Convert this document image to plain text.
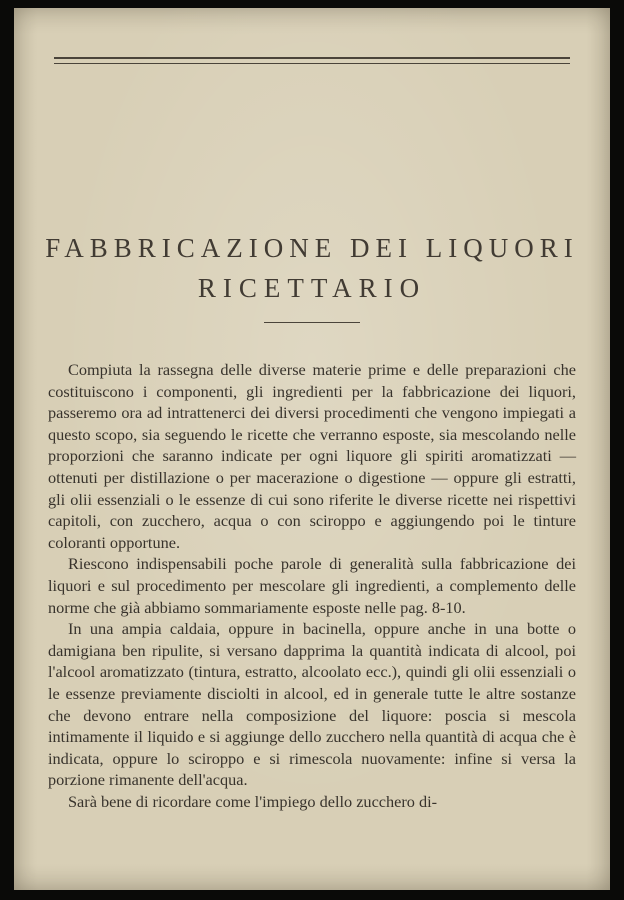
FABBRICAZIONE DEI LIQUORI
RICETTARIO

Compiuta la rassegna delle diverse materie prime e delle preparazioni che costituiscono i componenti, gli ingredienti per la fabbricazione dei liquori, passeremo ora ad intrattenerci dei diversi procedimenti che vengono impiegati a questo scopo, sia seguendo le ricette che verranno esposte, sia mescolando nelle proporzioni che saranno indicate per ogni liquore gli spiriti aromatizzati — ottenuti per distillazione o per macerazione o digestione — oppure gli estratti, gli olii essenziali o le essenze di cui sono riferite le diverse ricette nei rispettivi capitoli, con zucchero, acqua o con sciroppo e aggiungendo poi le tinture coloranti opportune.

Riescono indispensabili poche parole di generalità sulla fabbricazione dei liquori e sul procedimento per mescolare gli ingredienti, a complemento delle norme che già abbiamo sommariamente esposte nelle pag. 8-10.

In una ampia caldaia, oppure in bacinella, oppure anche in una botte o damigiana ben ripulite, si versano dapprima la quantità indicata di alcool, poi l'alcool aromatizzato (tintura, estratto, alcoolato ecc.), quindi gli olii essenziali o le essenze previamente disciolti in alcool, ed in generale tutte le altre sostanze che devono entrare nella composizione del liquore: poscia si mescola intimamente il liquido e si aggiunge dello zucchero nella quantità di acqua che è indicata, oppure lo sciroppo e si rimescola nuovamente: infine si versa la porzione rimanente dell'acqua.

Sarà bene di ricordare come l'impiego dello zucchero di-
